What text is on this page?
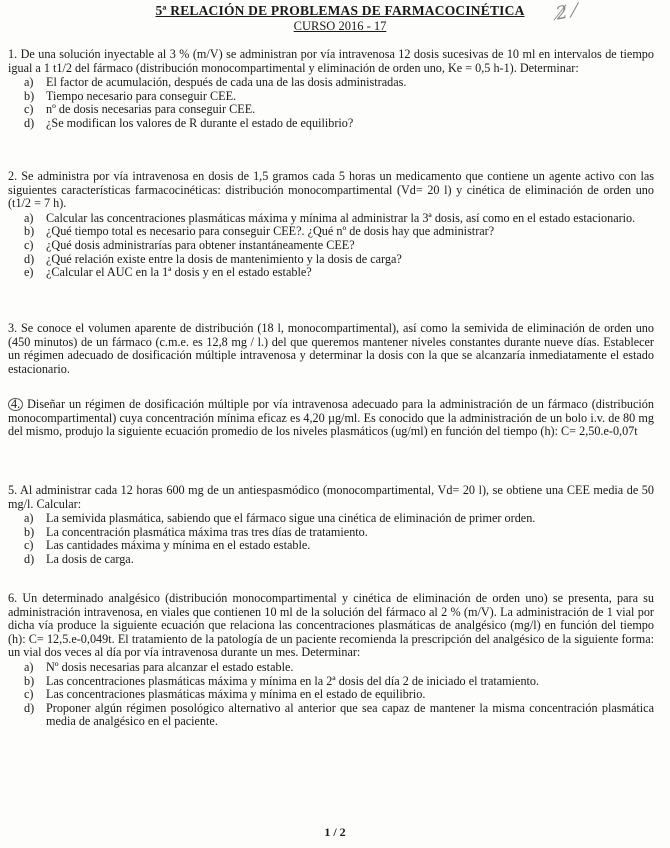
5ª RELACIÓN DE PROBLEMAS DE FARMACOCINÉTICA
CURSO 2016 - 17
2̸ ⁄

1. De una solución inyectable al 3 % (m/V) se administran por vía intravenosa 12 dosis sucesivas de 10 ml en intervalos de tiempo igual a 1 t1/2 del fármaco (distribución monocompartimental y eliminación de orden uno, Ke = 0,5 h-1). Determinar:

a) El factor de acumulación, después de cada una de las dosis administradas.
b) Tiempo necesario para conseguir CEE.
c) nº de dosis necesarias para conseguir CEE.
d) ¿Se modifican los valores de R durante el estado de equilibrio?

2. Se administra por vía intravenosa en dosis de 1,5 gramos cada 5 horas un medicamento que contiene un agente activo con las siguientes características farmacocinéticas: distribución monocompartimental (Vd= 20 l) y cinética de eliminación de orden uno (t1/2 = 7 h).

a) Calcular las concentraciones plasmáticas máxima y mínima al administrar la 3ª dosis, así como en el estado estacionario.
b) ¿Qué tiempo total es necesario para conseguir CEE?. ¿Qué nº de dosis hay que administrar?
c) ¿Qué dosis administrarías para obtener instantáneamente CEE?
d) ¿Qué relación existe entre la dosis de mantenimiento y la dosis de carga?
e) ¿Calcular el AUC en la 1ª dosis y en el estado estable?

3. Se conoce el volumen aparente de distribución (18 l, monocompartimental), así como la semivida de eliminación de orden uno (450 minutos) de un fármaco (c.m.e. es 12,8 mg / l.) del que queremos mantener niveles constantes durante nueve días. Establecer un régimen adecuado de dosificación múltiple intravenosa y determinar la dosis con la que se alcanzaría inmediatamente el estado estacionario.

4. Diseñar un régimen de dosificación múltiple por vía intravenosa adecuado para la administración de un fármaco (distribución monocompartimental) cuya concentración mínima eficaz es 4,20 µg/ml. Es conocido que la administración de un bolo i.v. de 80 mg del mismo, produjo la siguiente ecuación promedio de los niveles plasmáticos (ug/ml) en función del tiempo (h): C= 2,50.e-0,07t

5. Al administrar cada 12 horas 600 mg de un antiespasmódico (monocompartimental, Vd= 20 l), se obtiene una CEE media de 50 mg/l. Calcular:

a) La semivida plasmática, sabiendo que el fármaco sigue una cinética de eliminación de primer orden.
b) La concentración plasmática máxima tras tres días de tratamiento.
c) Las cantidades máxima y mínima en el estado estable.
d) La dosis de carga.

6. Un determinado analgésico (distribución monocompartimental y cinética de eliminación de orden uno) se presenta, para su administración intravenosa, en viales que contienen 10 ml de la solución del fármaco al 2 % (m/V). La administración de 1 vial por dicha vía produce la siguiente ecuación que relaciona las concentraciones plasmáticas de analgésico (mg/l) en función del tiempo (h): C= 12,5.e-0,049t. El tratamiento de la patología de un paciente recomienda la prescripción del analgésico de la siguiente forma: un vial dos veces al día por vía intravenosa durante un mes. Determinar:

a) Nº dosis necesarias para alcanzar el estado estable.
b) Las concentraciones plasmáticas máxima y mínima en la 2ª dosis del día 2 de iniciado el tratamiento.
c) Las concentraciones plasmáticas máxima y mínima en el estado de equilibrio.
d) Proponer algún régimen posológico alternativo al anterior que sea capaz de mantener la misma concentración plasmática media de analgésico en el paciente.
1 / 2
